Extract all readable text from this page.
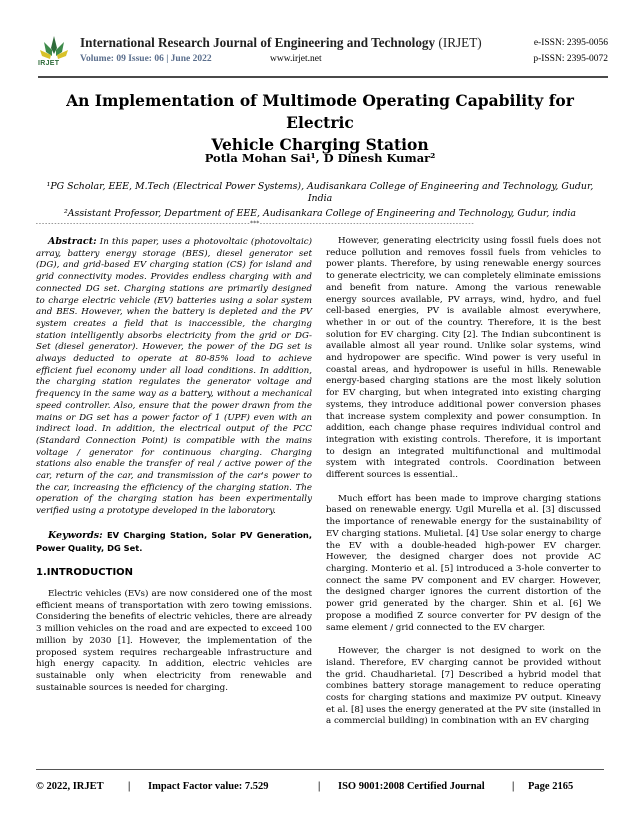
IRJET
International Research Journal of Engineering and Technology (IRJET)	e-ISSN: 2395-0056
Volume: 09 Issue: 06 | June 2022	www.irjet.net	p-ISSN: 2395-0072
An Implementation of Multimode Operating Capability for Electric
Vehicle Charging Station
Potla Mohan Sai¹, D Dinesh Kumar²
¹PG Scholar, EEE, M.Tech (Electrical Power Systems), Audisankara College of Engineering and Technology, Gudur,
India
²Assistant Professor, Department of EEE, Audisankara College of Engineering and Technology, Gudur, india
---------------------------------------------------------------------***---------------------------------------------------------------------

Abstract: In this paper, uses a photovoltaic (photovoltaic) array, battery energy storage (BES), diesel generator set (DG), and grid-based EV charging station (CS) for island and grid connectivity modes. Provides endless charging with and connected DG set. Charging stations are primarily designed to charge electric vehicle (EV) batteries using a solar system and BES. However, when the battery is depleted and the PV system creates a field that is inaccessible, the charging station intelligently absorbs electricity from the grid or DG-Set (diesel generator). However, the power of the DG set is always deducted to operate at 80-85% load to achieve efficient fuel economy under all load conditions. In addition, the charging station regulates the generator voltage and frequency in the same way as a battery, without a mechanical speed controller. Also, ensure that the power drawn from the mains or DG set has a power factor of 1 (UPF) even with an indirect load. In addition, the electrical output of the PCC (Standard Connection Point) is compatible with the mains voltage / generator for continuous charging. Charging stations also enable the transfer of real / active power of the car, return of the car, and transmission of the car's power to the car, increasing the efficiency of the charging station. The operation of the charging station has been experimentally verified using a prototype developed in the laboratory.

Keywords: EV Charging Station, Solar PV Generation, Power Quality, DG Set.
1.INTRODUCTION

Electric vehicles (EVs) are now considered one of the most efficient means of transportation with zero towing emissions. Considering the benefits of electric vehicles, there are already 3 million vehicles on the road and are expected to exceed 100 million by 2030 [1]. However, the implementation of the proposed system requires rechargeable infrastructure and high energy capacity. In addition, electric vehicles are sustainable only when electricity from renewable and sustainable sources is needed for charging.

However, generating electricity using fossil fuels does not reduce pollution and removes fossil fuels from vehicles to power plants. Therefore, by using renewable energy sources to generate electricity, we can completely eliminate emissions and benefit from nature. Among the various renewable energy sources available, PV arrays, wind, hydro, and fuel cell-based energies, PV is available almost everywhere, whether in or out of the country. Therefore, it is the best solution for EV charging. City [2]. The Indian subcontinent is available almost all year round. Unlike solar systems, wind and hydropower are specific. Wind power is very useful in coastal areas, and hydropower is useful in hills. Renewable energy-based charging stations are the most likely solution for EV charging, but when integrated into existing charging systems, they introduce additional power conversion phases that increase system complexity and power consumption. In addition, each change phase requires individual control and integration with existing controls. Therefore, it is important to design an integrated multifunctional and multimodal system with integrated controls. Coordination between different sources is essential..

Much effort has been made to improve charging stations based on renewable energy. Ugil Murella et al. [3] discussed the importance of renewable energy for the sustainability of EV charging stations. Mulietal. [4] Use solar energy to charge the EV with a double-headed high-power EV charger. However, the designed charger does not provide AC charging. Monterio et al. [5] introduced a 3-hole converter to connect the same PV component and EV charger. However, the designed charger ignores the current distortion of the power grid generated by the charger. Shin et al. [6] We propose a modified Z source converter for PV design of the same element / grid connected to the EV charger.

However, the charger is not designed to work on the island. Therefore, EV charging cannot be provided without the grid. Chaudharietal. [7] Described a hybrid model that combines battery storage management to reduce operating costs for charging stations and maximize PV output. Kineavy et al. [8] uses the energy generated at the PV site (installed in a commercial building) in combination with an EV charging

© 2022, IRJET | Impact Factor value: 7.529	| ISO 9001:2008 Certified Journal	| Page 2165
